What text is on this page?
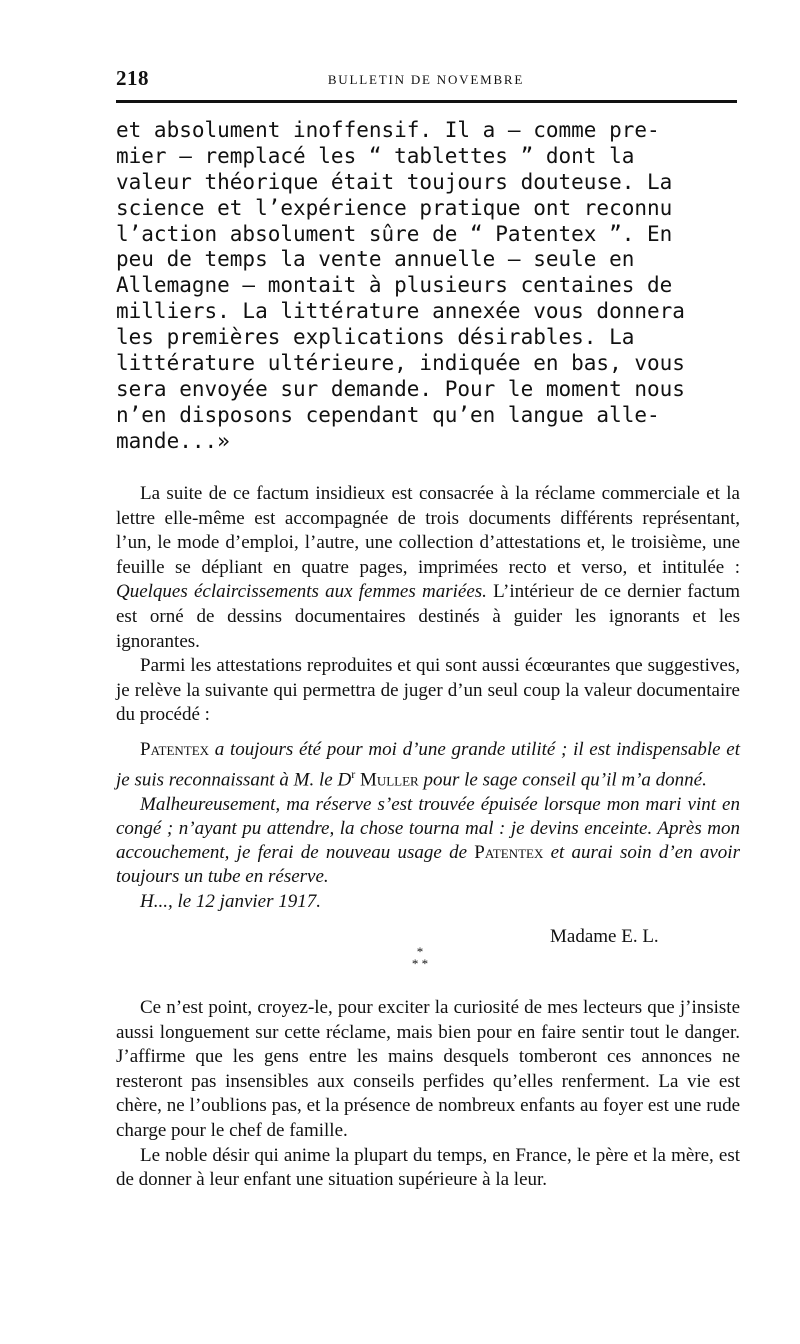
218	BULLETIN DE NOVEMBRE
et absolument inoffensif. Il a — comme pre-
mier — remplacé les “ tablettes ” dont la
valeur théorique était toujours douteuse. La
science et l’expérience pratique ont reconnu
l’action absolument sûre de “ Patentex ”. En
peu de temps la vente annuelle — seule en
Allemagne — montait à plusieurs centaines de
milliers. La littérature annexée vous donnera
les premières explications désirables. La
littérature ultérieure, indiquée en bas, vous
sera envoyée sur demande. Pour le moment nous
n’en disposons cependant qu’en langue alle-
mande...»

La suite de ce factum insidieux est consacrée à la réclame commerciale et la lettre elle-même est accompagnée de trois documents différents représentant, l’un, le mode d’emploi, l’autre, une collection d’attestations et, le troisième, une feuille se dépliant en quatre pages, imprimées recto et verso, et intitulée : Quelques éclaircissements aux femmes mariées. L’intérieur de ce dernier factum est orné de dessins documentaires destinés à guider les ignorants et les ignorantes.

Parmi les attestations reproduites et qui sont aussi écœurantes que suggestives, je relève la suivante qui permettra de juger d’un seul coup la valeur documentaire du procédé :

Patentex a toujours été pour moi d’une grande utilité ; il est indispensable et je suis reconnaissant à M. le $D^r$ Muller pour le sage conseil qu’il m’a donné.

Malheureusement, ma réserve s’est trouvée épuisée lorsque mon mari vint en congé ; n’ayant pu attendre, la chose tourna mal : je devins enceinte. Après mon accouchement, je ferai de nouveau usage de Patentex et aurai soin d’en avoir toujours un tube en réserve.

H..., le 12 janvier 1917.

Madame E. L.
*
* *

Ce n’est point, croyez-le, pour exciter la curiosité de mes lecteurs que j’insiste aussi longuement sur cette réclame, mais bien pour en faire sentir tout le danger. J’affirme que les gens entre les mains desquels tomberont ces annonces ne resteront pas insensibles aux conseils perfides qu’elles renferment. La vie est chère, ne l’oublions pas, et la présence de nombreux enfants au foyer est une rude charge pour le chef de famille.

Le noble désir qui anime la plupart du temps, en France, le père et la mère, est de donner à leur enfant une situation supérieure à la leur.
